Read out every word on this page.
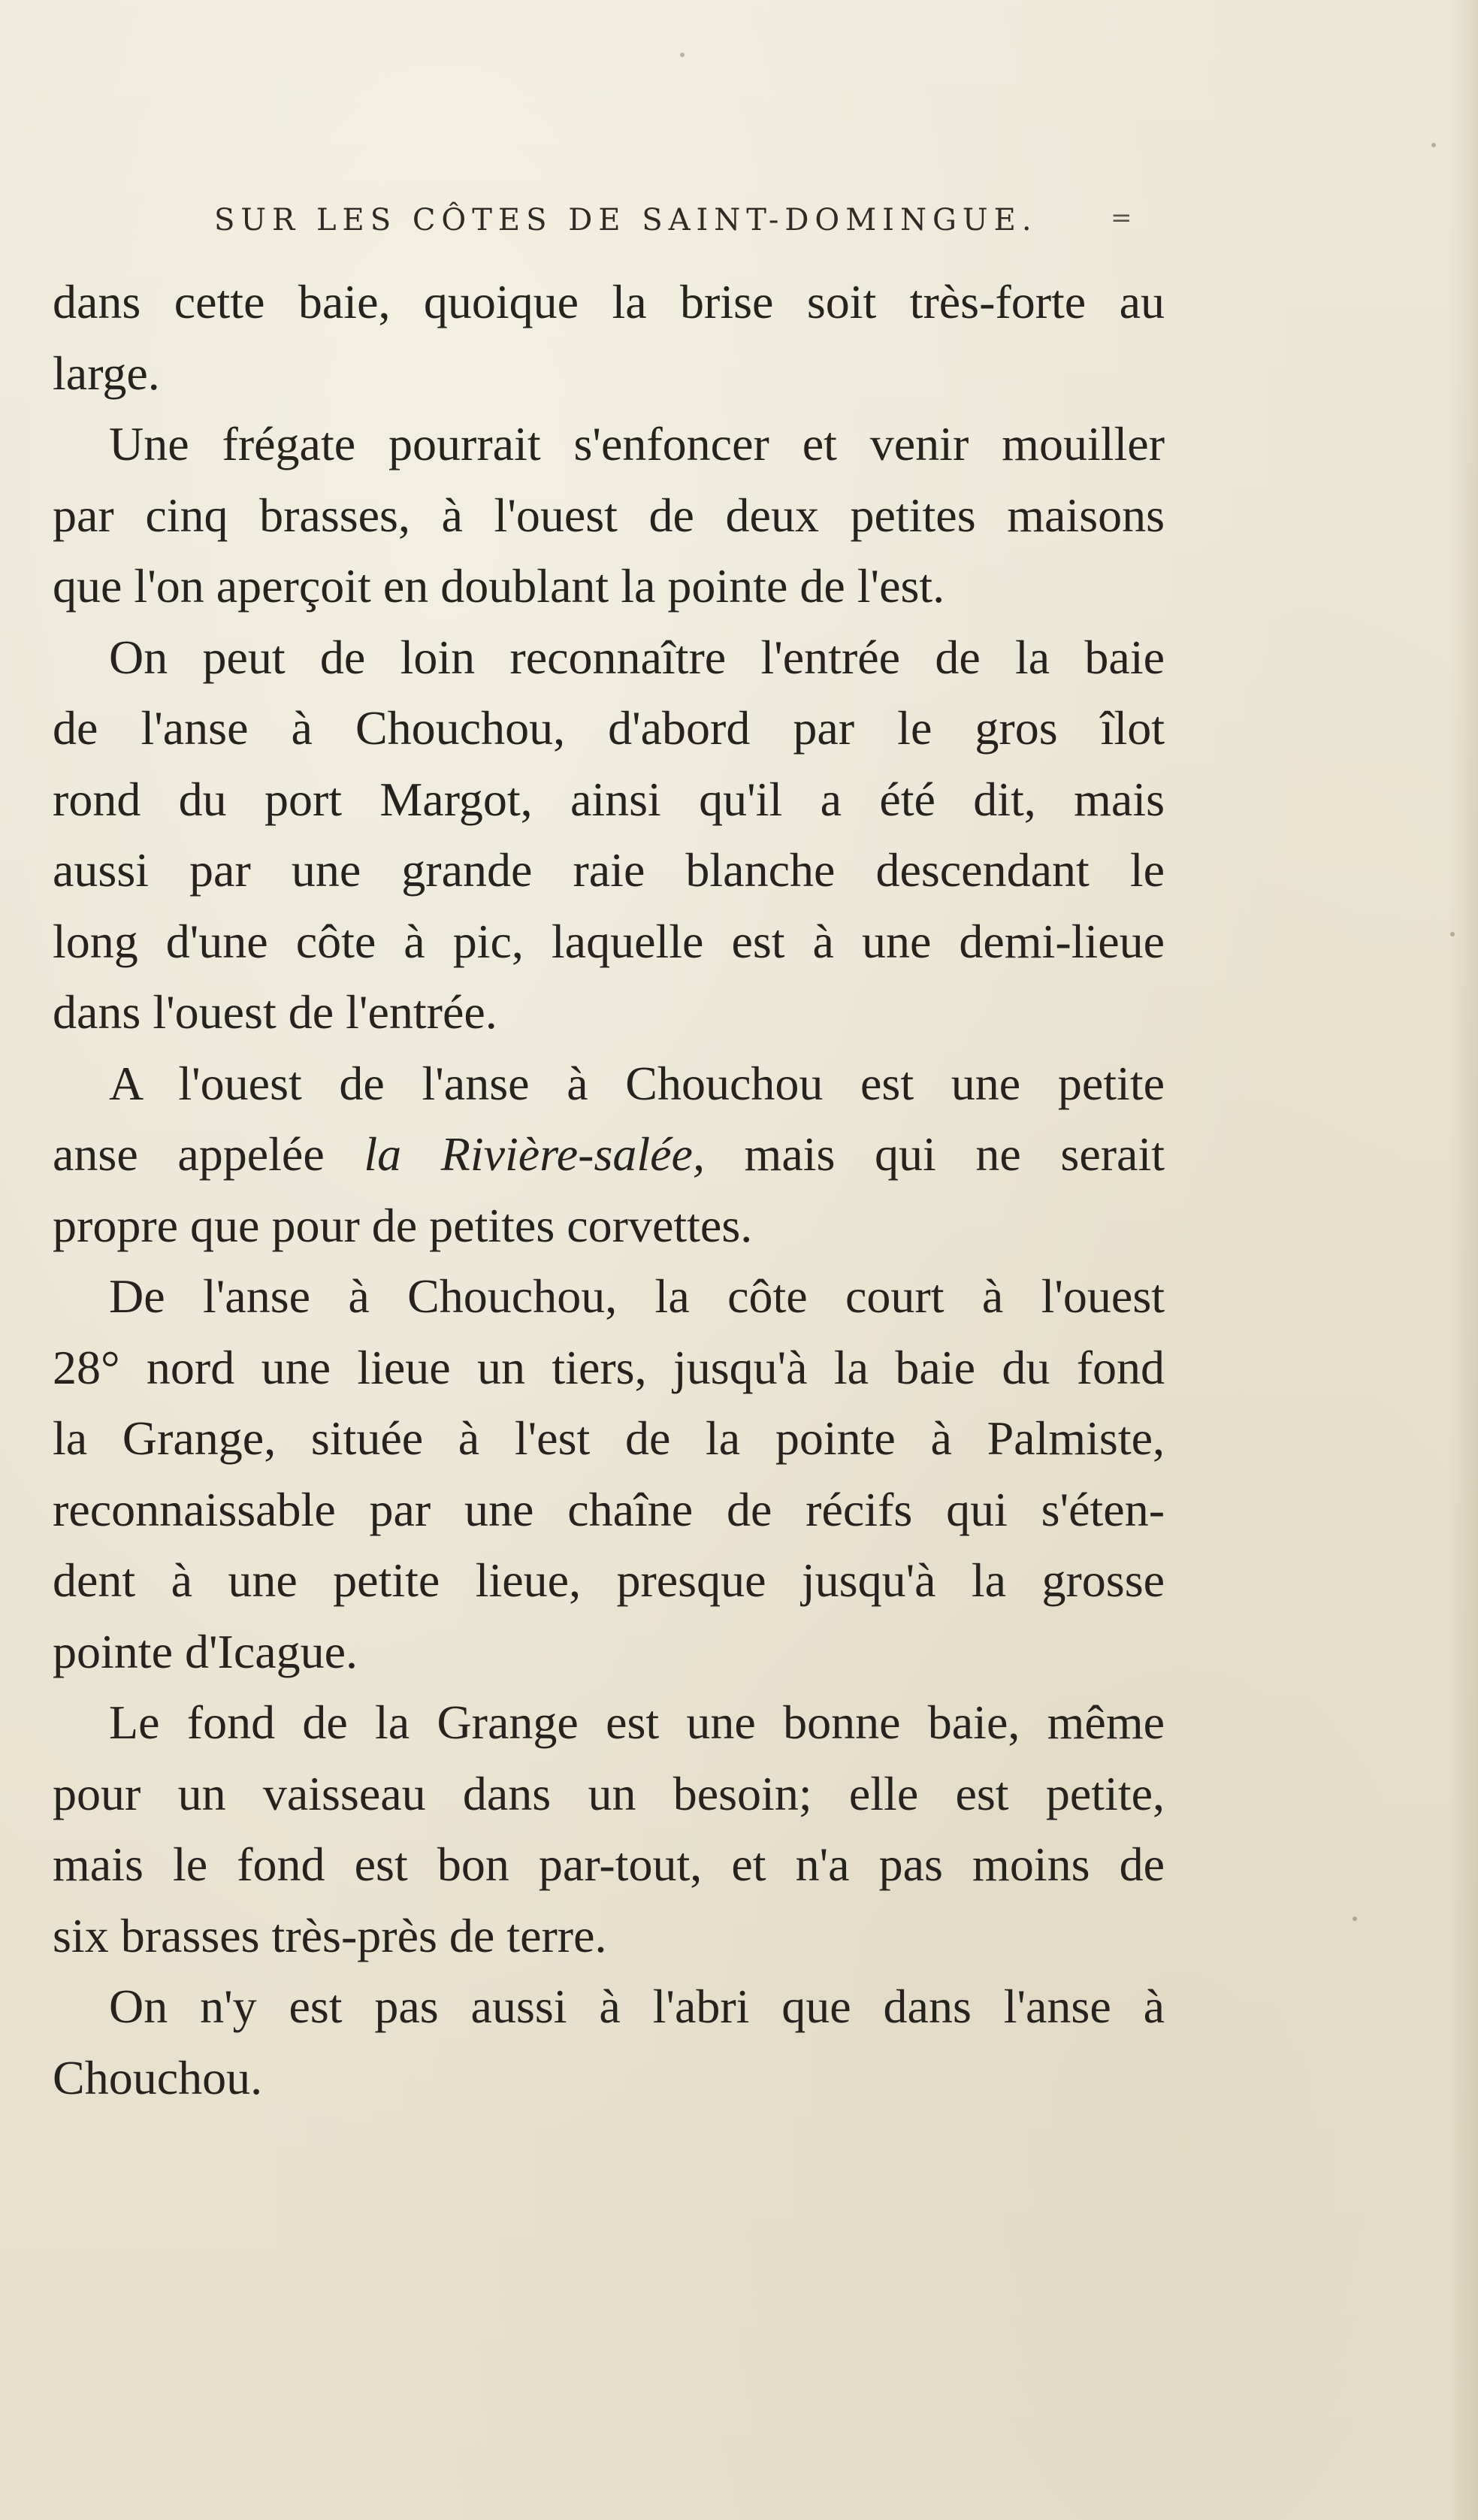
SUR LES CÔTES DE SAINT-DOMINGUE.	=
dans cette baie, quoique la brise soit très-forte au
large.
Une frégate pourrait s'enfoncer et venir mouiller
par cinq brasses, à l'ouest de deux petites maisons
que l'on aperçoit en doublant la pointe de l'est.
On peut de loin reconnaître l'entrée de la baie
de l'anse à Chouchou, d'abord par le gros îlot
rond du port Margot, ainsi qu'il a été dit, mais
aussi par une grande raie blanche descendant le
long d'une côte à pic, laquelle est à une demi-lieue
dans l'ouest de l'entrée.
A l'ouest de l'anse à Chouchou est une petite
anse appelée la Rivière-salée, mais qui ne serait
propre que pour de petites corvettes.
De l'anse à Chouchou, la côte court à l'ouest
28° nord une lieue un tiers, jusqu'à la baie du fond
la Grange, située à l'est de la pointe à Palmiste,
reconnaissable par une chaîne de récifs qui s'éten-
dent à une petite lieue, presque jusqu'à la grosse
pointe d'Icague.
Le fond de la Grange est une bonne baie, même
pour un vaisseau dans un besoin; elle est petite,
mais le fond est bon par-tout, et n'a pas moins de
six brasses très-près de terre.
On n'y est pas aussi à l'abri que dans l'anse à
Chouchou.
